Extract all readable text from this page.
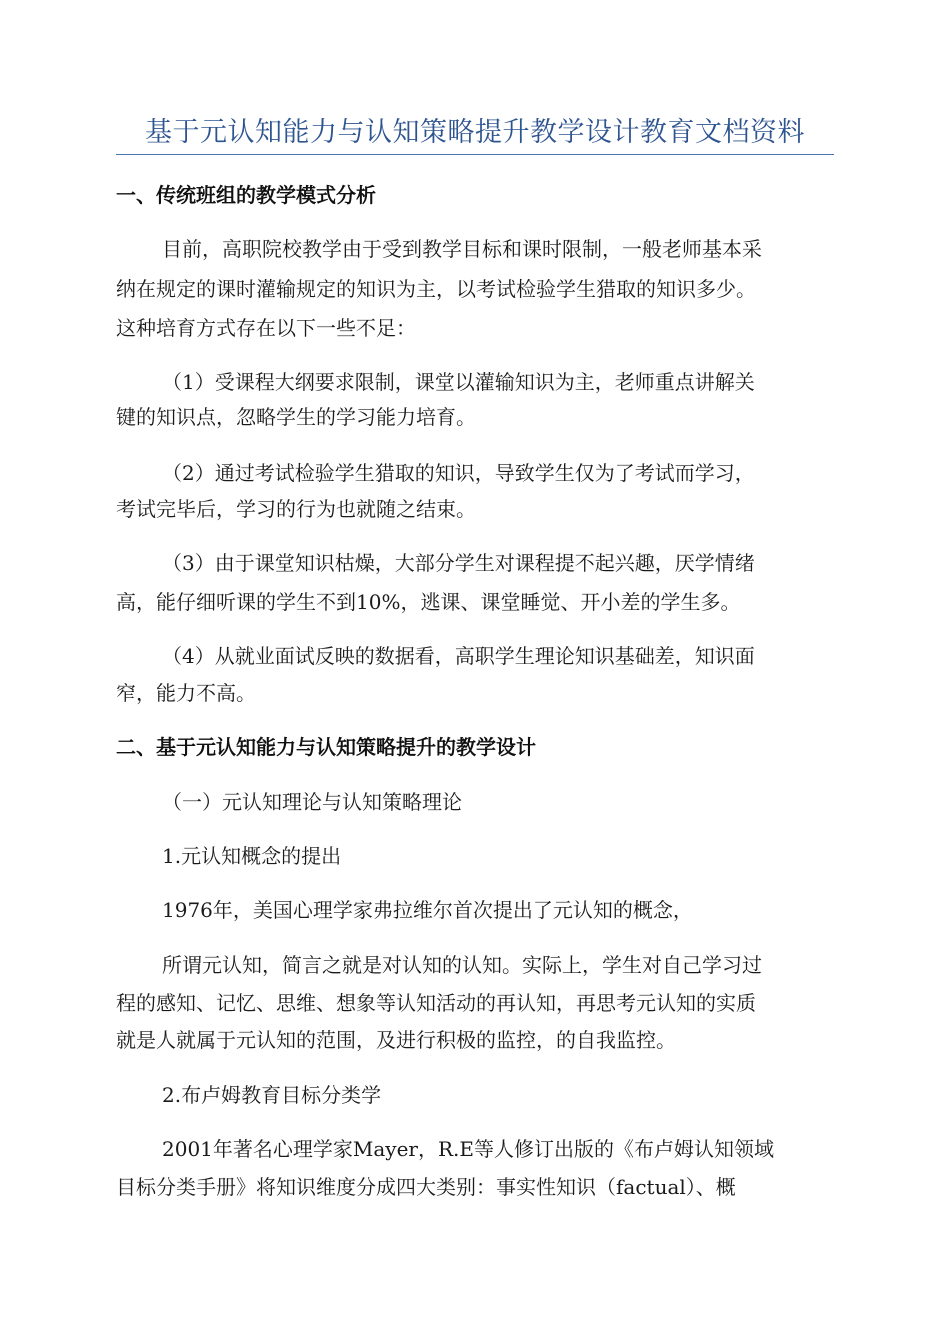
基于元认知能力与认知策略提升教学设计教育文档资料
一、传统班组的教学模式分析
目前，高职院校教学由于受到教学目标和课时限制，一般老师基本采
纳在规定的课时灌输规定的知识为主，以考试检验学生猎取的知识多少。
这种培育方式存在以下一些不足：
（1）受课程大纲要求限制，课堂以灌输知识为主，老师重点讲解关
键的知识点，忽略学生的学习能力培育。
（2）通过考试检验学生猎取的知识，导致学生仅为了考试而学习，
考试完毕后，学习的行为也就随之结束。
（3）由于课堂知识枯燥，大部分学生对课程提不起兴趣，厌学情绪
高，能仔细听课的学生不到10%，逃课、课堂睡觉、开小差的学生多。
（4）从就业面试反映的数据看，高职学生理论知识基础差，知识面
窄，能力不高。
二、基于元认知能力与认知策略提升的教学设计
（一）元认知理论与认知策略理论
1.元认知概念的提出
1976年，美国心理学家弗拉维尔首次提出了元认知的概念，
所谓元认知，简言之就是对认知的认知。实际上，学生对自己学习过
程的感知、记忆、思维、想象等认知活动的再认知，再思考元认知的实质
就是人就属于元认知的范围，及进行积极的监控，的自我监控。
2.布卢姆教育目标分类学
2001年著名心理学家Mayer，R.E等人修订出版的《布卢姆认知领域
目标分类手册》将知识维度分成四大类别：事实性知识（factual）、概
